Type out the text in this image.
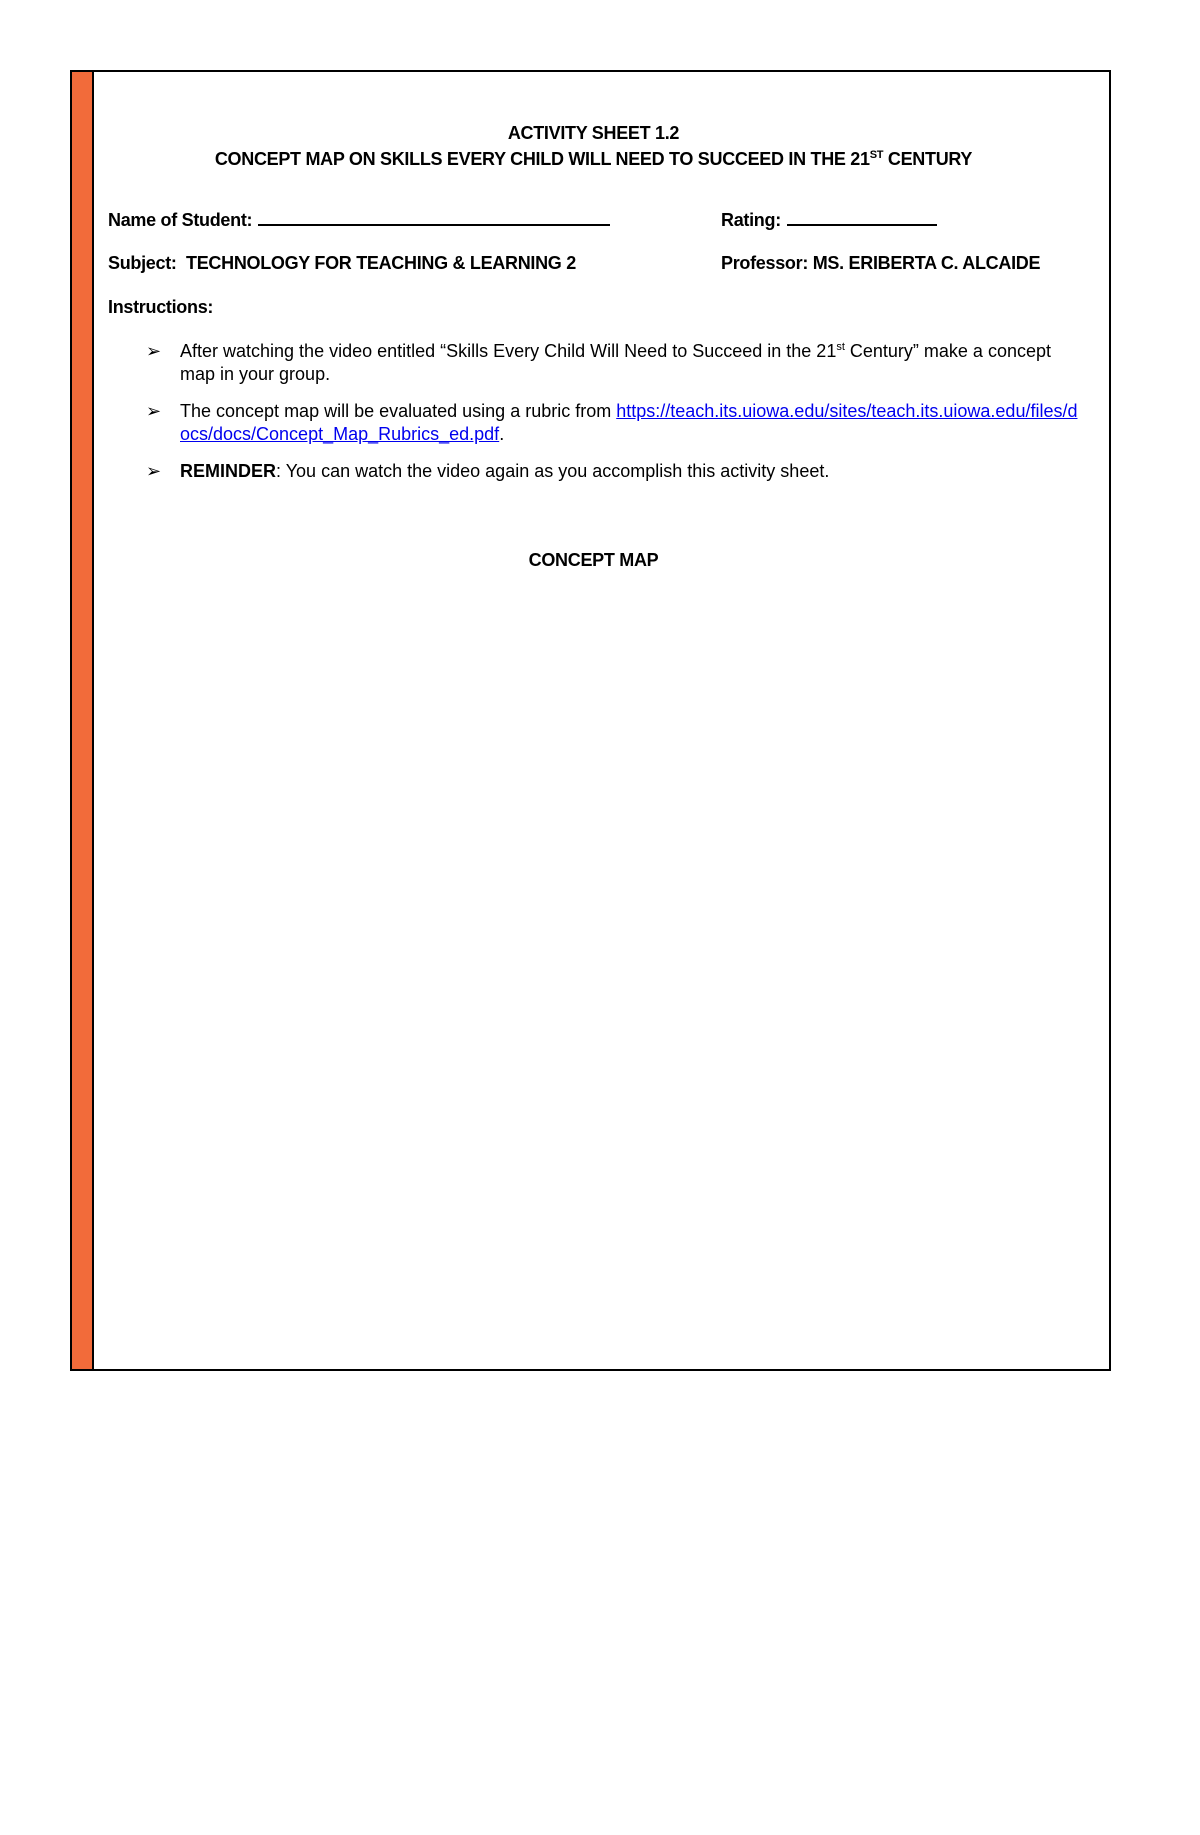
ACTIVITY SHEET 1.2
CONCEPT MAP ON SKILLS EVERY CHILD WILL NEED TO SUCCEED IN THE 21ST CENTURY
Name of Student:	Rating:
Subject: TECHNOLOGY FOR TEACHING & LEARNING 2	Professor: MS. ERIBERTA C. ALCAIDE
Instructions:
➢ After watching the video entitled “Skills Every Child Will Need to Succeed in the 21st Century” make a concept map in your group.
➢ The concept map will be evaluated using a rubric from https://teach.its.uiowa.edu/sites/teach.its.uiowa.edu/files/docs/docs/Concept_Map_Rubrics_ed.pdf.
➢ REMINDER: You can watch the video again as you accomplish this activity sheet.
CONCEPT MAP
